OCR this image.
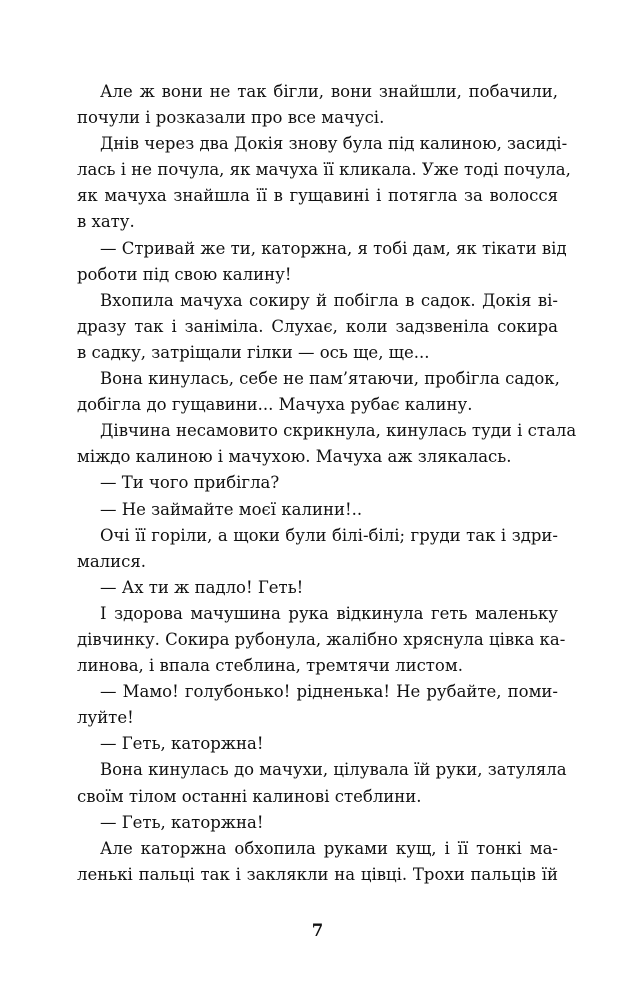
Але ж вони не так бігли, вони знайшли, побачили,
почули і розказали про все мачусі.
Днів через два Докія знову була під калиною, засиді-
лась і не почула, як мачуха її кликала. Уже тоді почула,
як мачуха знайшла її в гущавині і потягла за волосся
в хату.
— Стривай же ти, каторжна, я тобі дам, як тікати від
роботи під свою калину!
Вхопила мачуха сокиру й побігла в садок. Докія ві-
дразу так і заніміла. Слухає, коли задзвеніла сокира
в садку, затріщали гілки — ось ще, ще...
Вона кинулась, себе не пам’ятаючи, пробігла садок,
добігла до гущавини... Мачуха рубає калину.
Дівчина несамовито скрикнула, кинулась туди і стала
міждо калиною і мачухою. Мачуха аж злякалась.
— Ти чого прибігла?
— Не займайте моєї калини!..
Очі її горіли, а щоки були білі-білі; груди так і здри-
малися.
— Ах ти ж падло! Геть!
І здорова мачушина рука відкинула геть маленьку
дівчинку. Сокира рубонула, жалібно хряснула цівка ка-
линова, і впала стеблина, тремтячи листом.
— Мамо! голубонько! рідненька! Не рубайте, поми-
луйте!
— Геть, каторжна!
Вона кинулась до мачухи, цілувала їй руки, затуляла
своїм тілом останні калинові стеблини.
— Геть, каторжна!
Але каторжна обхопила руками кущ, і її тонкі ма-
ленькі пальці так і заклякли на цівці. Трохи пальців їй
7
